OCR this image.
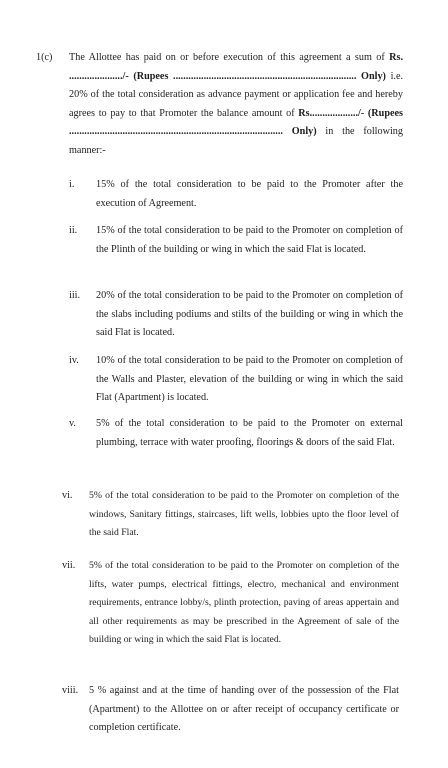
1(c) The Allottee has paid on or before execution of this agreement a sum of Rs. ...................../- (Rupees ........................................................................ Only) i.e. 20% of the total consideration as advance payment or application fee and hereby agrees to pay to that Promoter the balance amount of Rs.................../- (Rupees .................................................................................... Only) in the following manner:-
i. 15% of the total consideration to be paid to the Promoter after the execution of Agreement.
ii. 15% of the total consideration to be paid to the Promoter on completion of the Plinth of the building or wing in which the said Flat is located.
iii. 20% of the total consideration to be paid to the Promoter on completion of the slabs including podiums and stilts of the building or wing in which the said Flat is located.
iv. 10% of the total consideration to be paid to the Promoter on completion of the Walls and Plaster, elevation of the building or wing in which the said Flat (Apartment) is located.
v. 5% of the total consideration to be paid to the Promoter on external plumbing, terrace with water proofing, floorings & doors of the said Flat.
vi. 5% of the total consideration to be paid to the Promoter on completion of the windows, Sanitary fittings, staircases, lift wells, lobbies upto the floor level of the said Flat.
vii. 5% of the total consideration to be paid to the Promoter on completion of the lifts, water pumps, electrical fittings, electro, mechanical and environment requirements, entrance lobby/s, plinth protection, paving of areas appertain and all other requirements as may be prescribed in the Agreement of sale of the building or wing in which the said Flat is located.
viii. 5 % against and at the time of handing over of the possession of the Flat (Apartment) to the Allottee on or after receipt of occupancy certificate or completion certificate.
